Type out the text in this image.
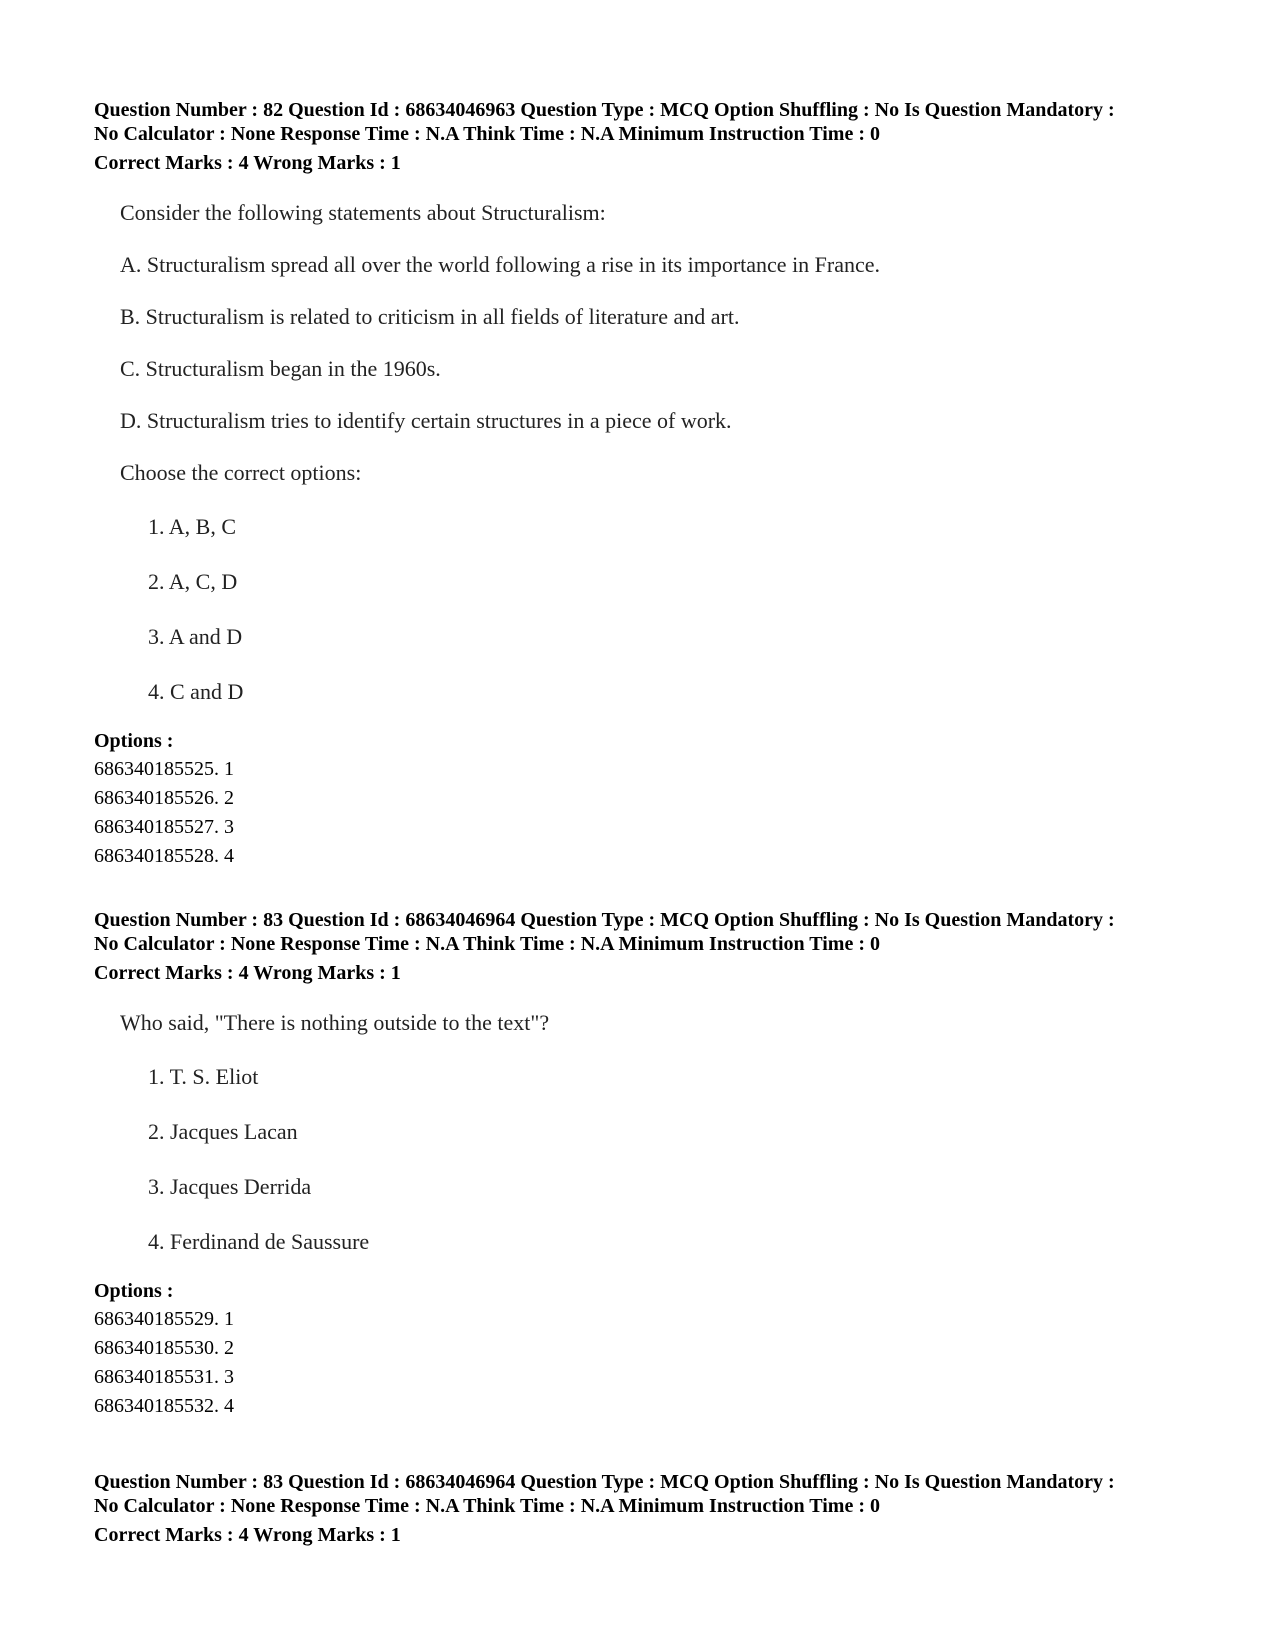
Question Number : 82 Question Id : 68634046963 Question Type : MCQ Option Shuffling : No Is Question Mandatory :
No Calculator : None Response Time : N.A Think Time : N.A Minimum Instruction Time : 0
Correct Marks : 4 Wrong Marks : 1
Consider the following statements about Structuralism:
A. Structuralism spread all over the world following a rise in its importance in France.
B. Structuralism is related to criticism in all fields of literature and art.
C. Structuralism began in the 1960s.
D. Structuralism tries to identify certain structures in a piece of work.
Choose the correct options:
1. A, B, C
2. A, C, D
3. A and D
4. C and D
Options :
686340185525. 1
686340185526. 2
686340185527. 3
686340185528. 4
Question Number : 83 Question Id : 68634046964 Question Type : MCQ Option Shuffling : No Is Question Mandatory :
No Calculator : None Response Time : N.A Think Time : N.A Minimum Instruction Time : 0
Correct Marks : 4 Wrong Marks : 1
Who said, "There is nothing outside to the text"?
1. T. S. Eliot
2. Jacques Lacan
3. Jacques Derrida
4. Ferdinand de Saussure
Options :
686340185529. 1
686340185530. 2
686340185531. 3
686340185532. 4
Question Number : 83 Question Id : 68634046964 Question Type : MCQ Option Shuffling : No Is Question Mandatory :
No Calculator : None Response Time : N.A Think Time : N.A Minimum Instruction Time : 0
Correct Marks : 4 Wrong Marks : 1
